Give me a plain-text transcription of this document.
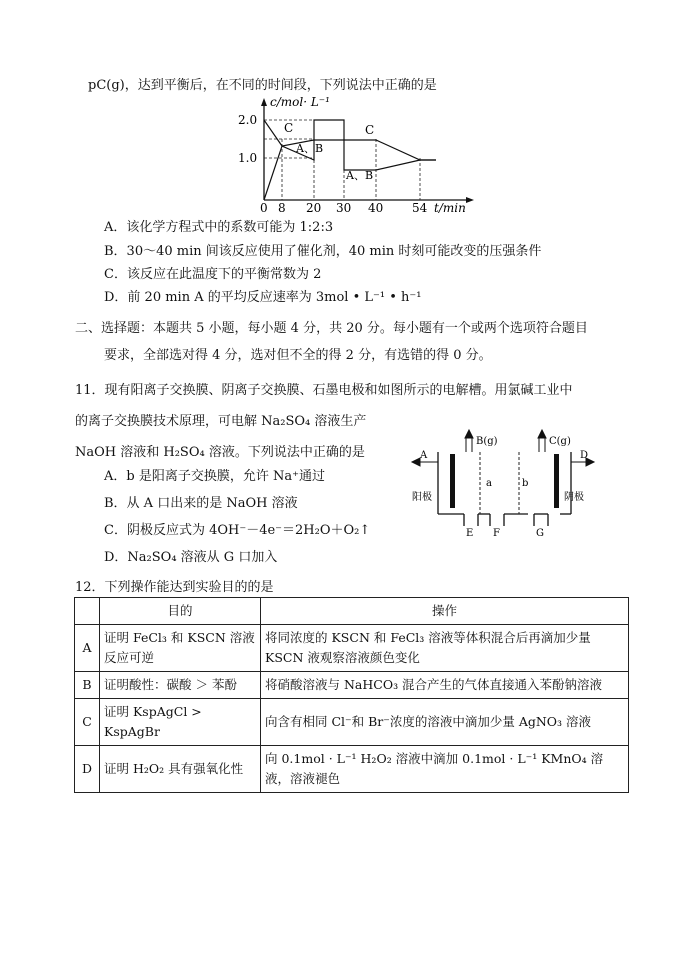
pC(g)，达到平衡后，在不同的时间段，下列说法中正确的是
c/mol· L⁻¹
2.0
1.0
0 8 20 30 40 54 t/min
C
A、B
C
A、B
A．该化学方程式中的系数可能为 1:2:3
B．30～40 min 间该反应使用了催化剂，40 min 时刻可能改变的压强条件
C．该反应在此温度下的平衡常数为 2
D．前 20 min A 的平均反应速率为 3mol • L⁻¹ • h⁻¹
二、选择题：本题共 5 小题，每小题 4 分，共 20 分。每小题有一个或两个选项符合题目
要求，全部选对得 4 分，选对但不全的得 2 分，有选错的得 0 分。
11．现有阳离子交换膜、阴离子交换膜、石墨电极和如图所示的电解槽。用氯碱工业中
的离子交换膜技术原理，可电解 Na₂SO₄ 溶液生产
NaOH 溶液和 H₂SO₄ 溶液。下列说法中正确的是
A．b 是阳离子交换膜，允许 Na⁺通过
B．从 A 口出来的是 NaOH 溶液
C．阴极反应式为 4OH⁻－4e⁻＝2H₂O＋O₂↑
D．Na₂SO₄ 溶液从 G 口加入
B(g)	C(g)
A	D
a	b
阳极	阴极
E F	G
12．下列操作能达到实验目的的是
	目的	操作
A	证明 FeCl₃ 和 KSCN 溶液反应可逆	将同浓度的 KSCN 和 FeCl₃ 溶液等体积混合后再滴加少量 KSCN 液观察溶液颜色变化
B	证明酸性：碳酸 ＞ 苯酚	将硝酸溶液与 NaHCO₃ 混合产生的气体直接通入苯酚钠溶液
C	证明 KspAgCl > KspAgBr	向含有相同 Cl⁻和 Br⁻浓度的溶液中滴加少量 AgNO₃ 溶液
D	证明 H₂O₂ 具有强氧化性	向 0.1mol · L⁻¹ H₂O₂ 溶液中滴加 0.1mol · L⁻¹ KMnO₄ 溶液，溶液褪色
